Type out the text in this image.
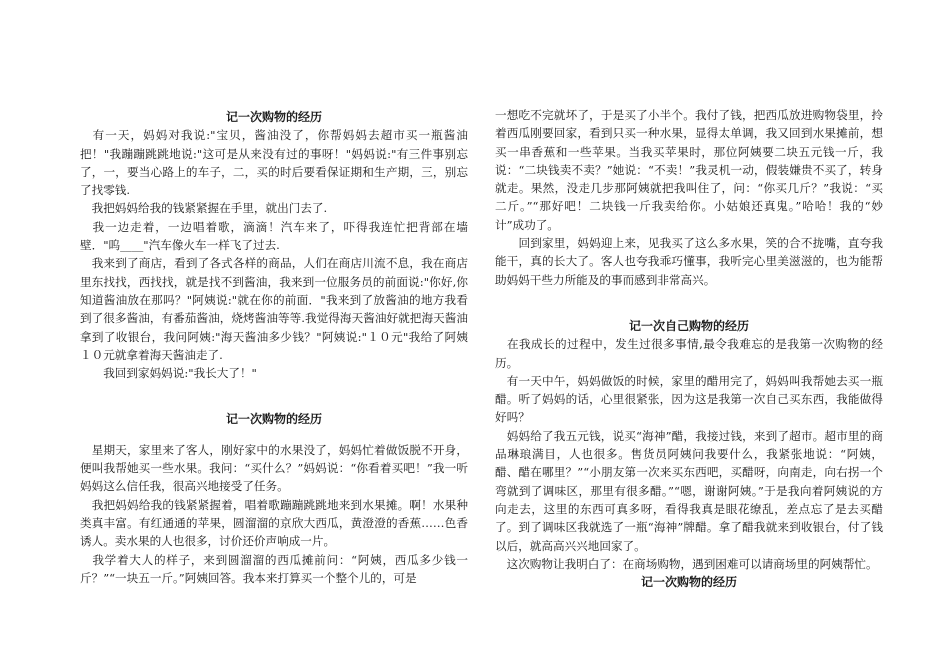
记一次购物的经历

　有一天，妈妈对我说:"宝贝，酱油没了，你帮妈妈去超市买一瓶酱油把！"我蹦蹦跳跳地说:"这可是从来没有过的事呀！"妈妈说:"有三件事别忘了，一，要当心路上的车子，二，买的时后要看保证期和生产期，三，别忘了找零钱.

　我把妈妈给我的钱紧紧握在手里，就出门去了.

　我一边走着，一边唱着歌，滴滴！汽车来了，吓得我连忙把背部在墙壁．"呜____"汽车像火车一样飞了过去.

　我来到了商店，看到了各式各样的商品，人们在商店川流不息，我在商店里东找找，西找找，就是找不到酱油，我来到一位服务员的前面说:"你好,你知道酱油放在那吗？"阿姨说:"就在你的前面．"我来到了放酱油的地方我看到了很多酱油，有番茄酱油，烧烤酱油等等.我觉得海天酱油好就把海天酱油拿到了收银台，我问阿姨:"海天酱油多少钱？"阿姨说:"１０元"我给了阿姨１０元就拿着海天酱油走了.

　　我回到家妈妈说:"我长大了！"

记一次购物的经历

　星期天，家里来了客人，刚好家中的水果没了，妈妈忙着做饭脱不开身，便叫我帮她买一些水果。我问：“买什么？”妈妈说：“你看着买吧！”我一听妈妈这么信任我，很高兴地接受了任务。

　我把妈妈给我的钱紧紧握着，唱着歌蹦蹦跳跳地来到水果摊。啊！水果种类真丰富。有红通通的苹果，圆溜溜的京欣大西瓜，黄澄澄的香蕉……色香诱人。卖水果的人也很多，讨价还价声响成一片。

　我学着大人的样子，来到圆溜溜的西瓜摊前问：“阿姨，西瓜多少钱一斤？”“一块五一斤。”阿姨回答。我本来打算买一个整个儿的，可是

一想吃不完就坏了，于是买了小半个。我付了钱，把西瓜放进购物袋里，拎着西瓜刚要回家，看到只买一种水果，显得太单调，我又回到水果摊前，想买一串香蕉和一些苹果。当我买苹果时，那位阿姨要二块五元钱一斤，我说：“二块钱卖不卖？”她说：“不卖！”我灵机一动，假装嫌贵不买了，转身就走。果然，没走几步那阿姨就把我叫住了，问：“你买几斤？”我说：“买二斤。”“那好吧！二块钱一斤我卖给你。小姑娘还真鬼。”哈哈！我的“妙计”成功了。

　　回到家里，妈妈迎上来，见我买了这么多水果，笑的合不拢嘴，直夸我能干，真的长大了。客人也夸我乖巧懂事，我听完心里美滋滋的，也为能帮助妈妈干些力所能及的事而感到非常高兴。

记一次自己购物的经历

　在我成长的过程中，发生过很多事情,最令我难忘的是我第一次购物的经历。

　有一天中午，妈妈做饭的时候，家里的醋用完了，妈妈叫我帮她去买一瓶醋。听了妈妈的话，心里很紧张，因为这是我第一次自己买东西，我能做得好吗？

　妈妈给了我五元钱，说买“海神”醋，我接过钱，来到了超市。超市里的商品琳琅满目，人也很多。售货员阿姨问我要什么，我紧张地说：“阿姨，醋、醋在哪里？”“小朋友第一次来买东西吧，买醋呀，向南走，向右拐一个弯就到了调味区，那里有很多醋。”“嗯，谢谢阿姨。”于是我向着阿姨说的方向走去，这里的东西可真多呀，看得我真是眼花缭乱，差点忘了是去买醋了。到了调味区我就选了一瓶“海神”牌醋。拿了醋我就来到收银台，付了钱以后，就高高兴兴地回家了。

　这次购物让我明白了：在商场购物，遇到困难可以请商场里的阿姨帮忙。

记一次购物的经历
